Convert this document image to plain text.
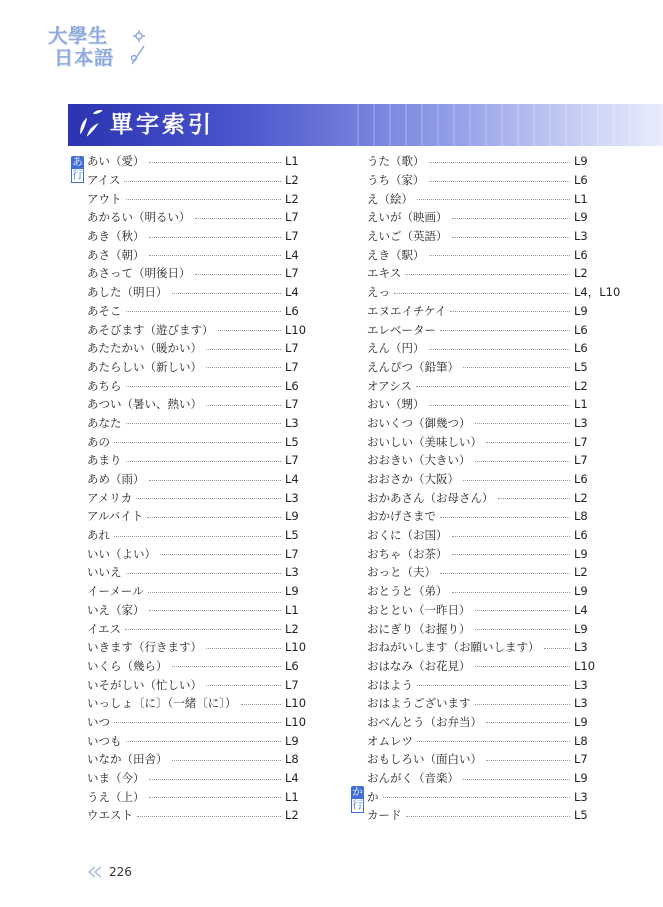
大學生
日本語
單字索引
あ
行
か
行
あい（愛）	L1
アイス	L2
アウト	L2
あかるい（明るい）	L7
あき（秋）	L7
あさ（朝）	L4
あさって（明後日）	L7
あした（明日）	L4
あそこ	L6
あそびます（遊びます）	L10
あたたかい（暖かい）	L7
あたらしい（新しい）	L7
あちら	L6
あつい（暑い、熱い）	L7
あなた	L3
あの	L5
あまり	L7
あめ（雨）	L4
アメリカ	L3
アルバイト	L9
あれ	L5
いい（よい）	L7
いいえ	L3
イーメール	L9
いえ（家）	L1
イエス	L2
いきます（行きます）	L10
いくら（幾ら）	L6
いそがしい（忙しい）	L7
いっしょ〔に〕（一緒〔に〕）	L10
いつ	L10
いつも	L9
いなか（田舎）	L8
いま（今）	L4
うえ（上）	L1
ウエスト	L2
うた（歌）	L9
うち（家）	L6
え（絵）	L1
えいが（映画）	L9
えいご（英語）	L3
えき（駅）	L6
エキス	L2
えっ	L4，L10
エヌエイチケイ	L9
エレベーター	L6
えん（円）	L6
えんぴつ（鉛筆）	L5
オアシス	L2
おい（甥）	L1
おいくつ（御幾つ）	L3
おいしい（美味しい）	L7
おおきい（大きい）	L7
おおさか（大阪）	L6
おかあさん（お母さん）	L2
おかげさまで	L8
おくに（お国）	L6
おちゃ（お茶）	L9
おっと（夫）	L2
おとうと（弟）	L9
おととい（一昨日）	L4
おにぎり（お握り）	L9
おねがいします（お願いします）	L3
おはなみ（お花見）	L10
おはよう	L3
おはようございます	L3
おべんとう（お弁当）	L9
オムレツ	L8
おもしろい（面白い）	L7
おんがく（音楽）	L9
か	L3
カード	L5
226
